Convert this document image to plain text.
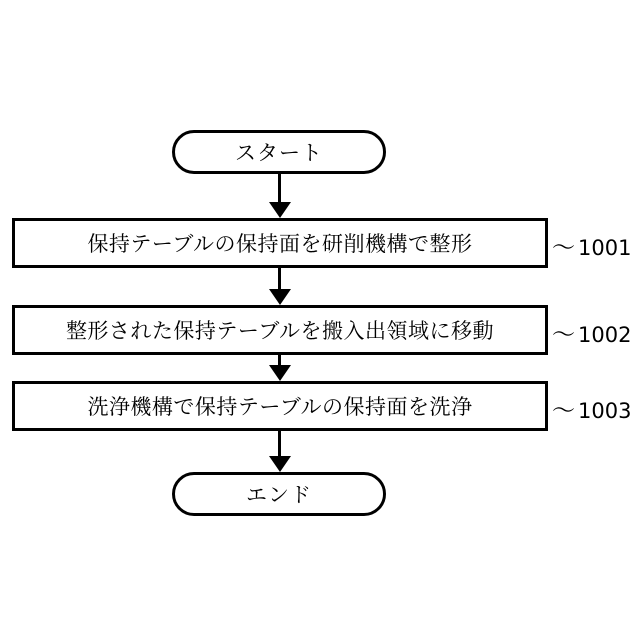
スタート
保持テーブルの保持面を研削機構で整形	〜 1001
整形された保持テーブルを搬入出領域に移動	〜 1002
洗浄機構で保持テーブルの保持面を洗浄	〜 1003
エンド
